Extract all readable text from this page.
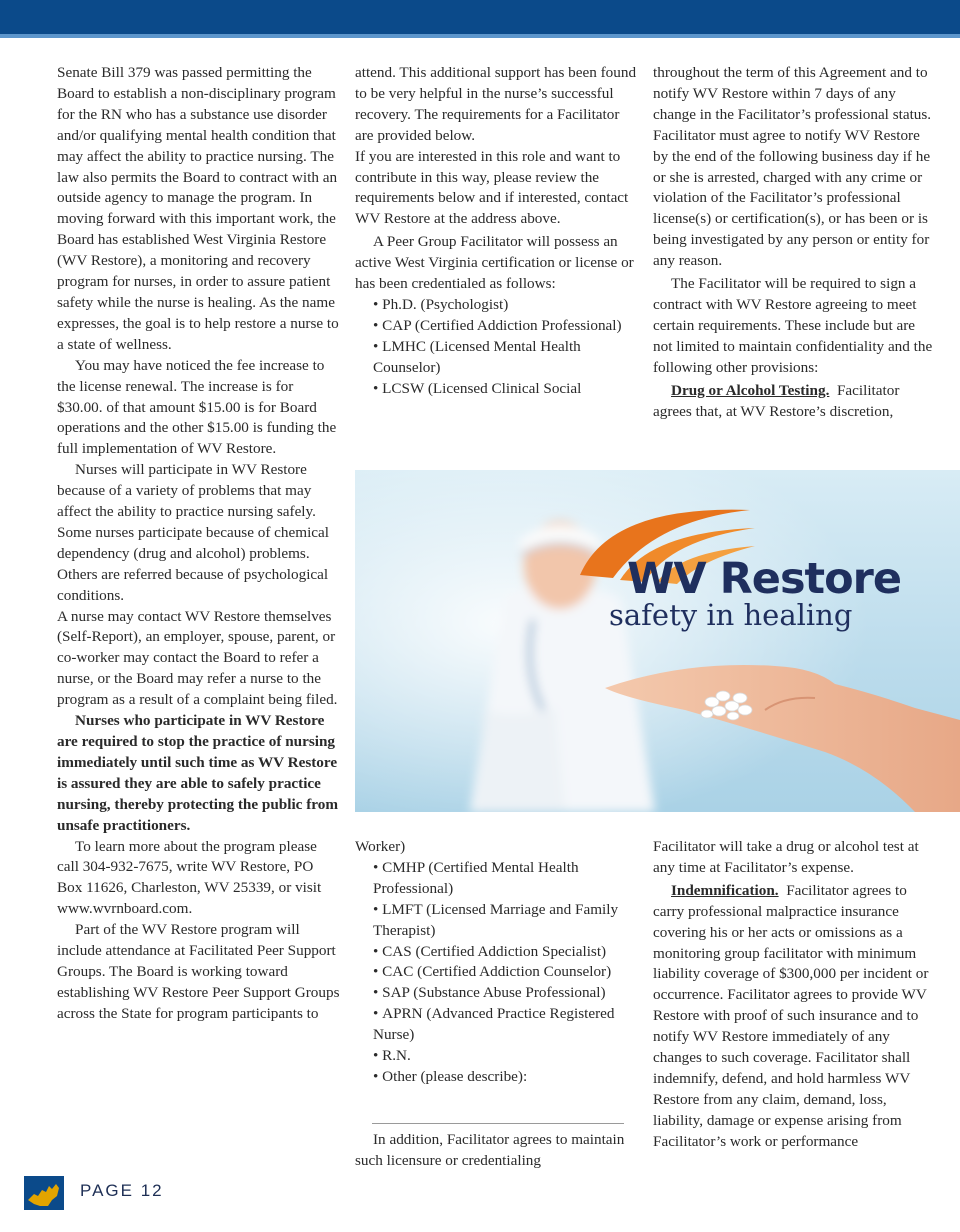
Senate Bill 379 was passed permitting the Board to establish a non-disciplinary program for the RN who has a substance use disorder and/or qualifying mental health condition that may affect the ability to practice nursing. The law also permits the Board to contract with an outside agency to manage the program. In moving forward with this important work, the Board has established West Virginia Restore (WV Restore), a monitoring and recovery program for nurses, in order to assure patient safety while the nurse is healing. As the name expresses, the goal is to help restore a nurse to a state of wellness.

You may have noticed the fee increase to the license renewal. The increase is for $30.00. of that amount $15.00 is for Board operations and the other $15.00 is funding the full implementation of WV Restore.

Nurses will participate in WV Restore because of a variety of problems that may affect the ability to practice nursing safely. Some nurses participate because of chemical dependency (drug and alcohol) problems. Others are referred because of psychological conditions.

A nurse may contact WV Restore themselves (Self-Report), an employer, spouse, parent, or co-worker may contact the Board to refer a nurse, or the Board may refer a nurse to the program as a result of a complaint being filed.

Nurses who participate in WV Restore are required to stop the practice of nursing immediately until such time as WV Restore is assured they are able to safely practice nursing, thereby protecting the public from unsafe practitioners.

To learn more about the program please call 304-932-7675, write WV Restore, PO Box 11626, Charleston, WV 25339, or visit www.wvrnboard.com.

Part of the WV Restore program will include attendance at Facilitated Peer Support Groups. The Board is working toward establishing WV Restore Peer Support Groups across the State for program participants to

attend. This additional support has been found to be very helpful in the nurse’s successful recovery. The requirements for a Facilitator are provided below.

If you are interested in this role and want to contribute in this way, please review the requirements below and if interested, contact WV Restore at the address above.

A Peer Group Facilitator will possess an active West Virginia certification or license or has been credentialed as follows:

• Ph.D. (Psychologist)

• CAP (Certified Addiction Professional)

• LMHC (Licensed Mental Health Counselor)

• LCSW (Licensed Clinical Social

throughout the term of this Agreement and to notify WV Restore within 7 days of any change in the Facilitator’s professional status. Facilitator must agree to notify WV Restore by the end of the following business day if he or she is arrested, charged with any crime or violation of the Facilitator’s professional license(s) or certification(s), or has been or is being investigated by any person or entity for any reason.

The Facilitator will be required to sign a contract with WV Restore agreeing to meet certain requirements. These include but are not limited to maintain confidentiality and the following other provisions:

Drug or Alcohol Testing. Facilitator agrees that, at WV Restore’s discretion,

WV Restore
safety in healing

Worker)

• CMHP (Certified Mental Health Professional)

• LMFT (Licensed Marriage and Family Therapist)

• CAS (Certified Addiction Specialist)

• CAC (Certified Addiction Counselor)

• SAP (Substance Abuse Professional)

• APRN (Advanced Practice Registered Nurse)

• R.N.

• Other (please describe):

In addition, Facilitator agrees to maintain such licensure or credentialing

Facilitator will take a drug or alcohol test at any time at Facilitator’s expense.

Indemnification. Facilitator agrees to carry professional malpractice insurance covering his or her acts or omissions as a monitoring group facilitator with minimum liability coverage of $300,000 per incident or occurrence. Facilitator agrees to provide WV Restore with proof of such insurance and to notify WV Restore immediately of any changes to such coverage. Facilitator shall indemnify, defend, and hold harmless WV Restore from any claim, demand, loss, liability, damage or expense arising from Facilitator’s work or performance

PAGE 12
